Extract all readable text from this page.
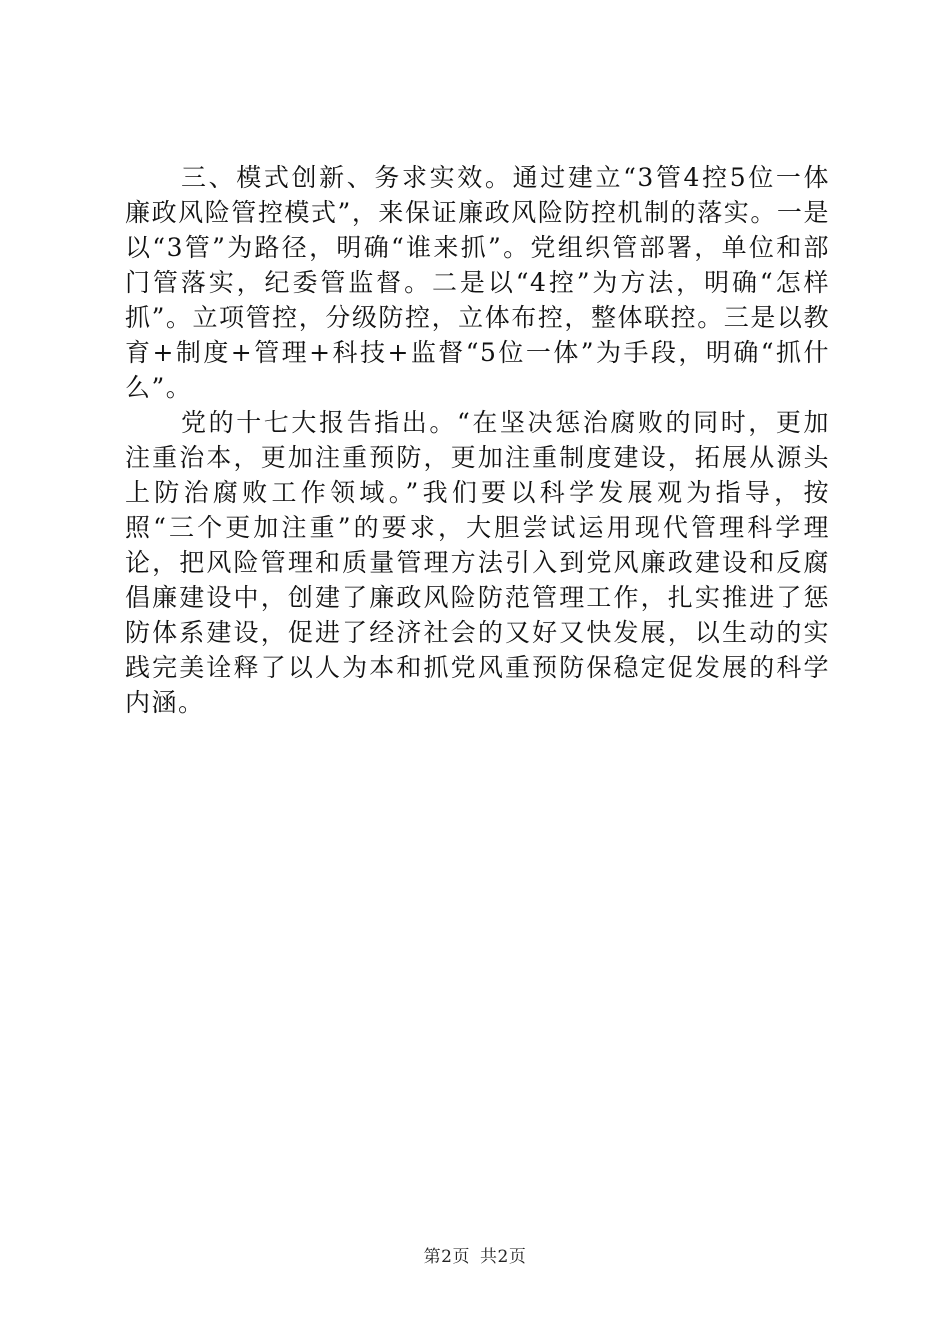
三、模式创新、务求实效。通过建立“3管4控5位一体廉政风险管控模式”，来保证廉政风险防控机制的落实。一是以“3管”为路径，明确“谁来抓”。党组织管部署，单位和部门管落实，纪委管监督。二是以“4控”为方法，明确“怎样抓”。立项管控，分级防控，立体布控，整体联控。三是以教育+制度+管理+科技+监督“5位一体”为手段，明确“抓什么”。

党的十七大报告指出。“在坚决惩治腐败的同时，更加注重治本，更加注重预防，更加注重制度建设，拓展从源头上防治腐败工作领域。”我们要以科学发展观为指导，按照“三个更加注重”的要求，大胆尝试运用现代管理科学理论，把风险管理和质量管理方法引入到党风廉政建设和反腐倡廉建设中，创建了廉政风险防范管理工作，扎实推进了惩防体系建设，促进了经济社会的又好又快发展，以生动的实践完美诠释了以人为本和抓党风重预防保稳定促发展的科学内涵。

第2页 共2页
